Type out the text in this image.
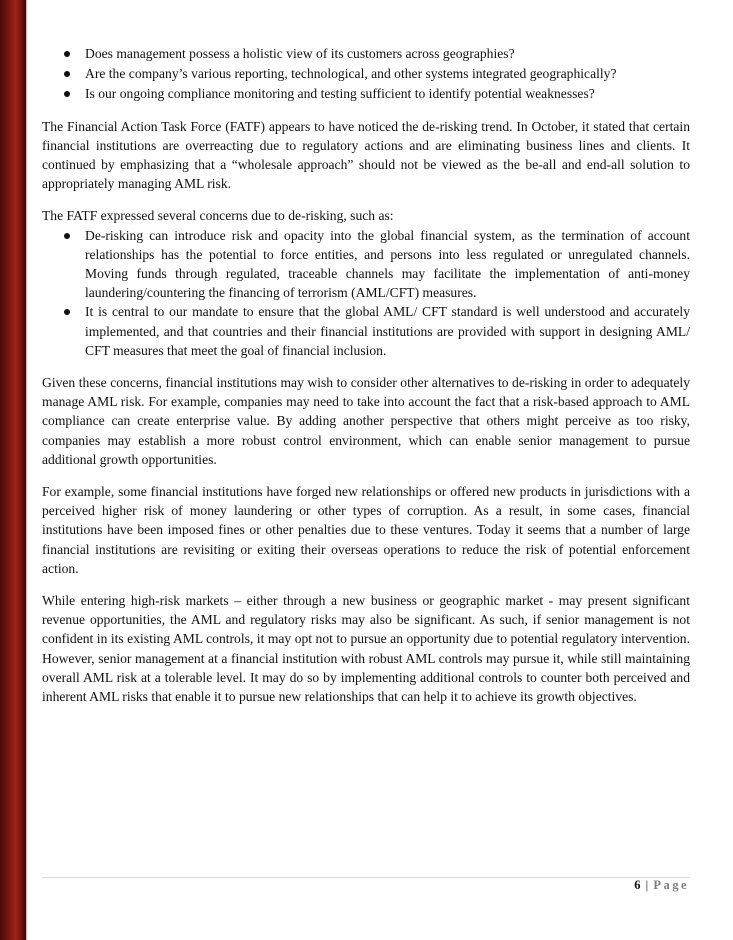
Does management possess a holistic view of its customers across geographies?
Are the company’s various reporting, technological, and other systems integrated geographically?
Is our ongoing compliance monitoring and testing sufficient to identify potential weaknesses?

The Financial Action Task Force (FATF) appears to have noticed the de-risking trend. In October, it stated that certain financial institutions are overreacting due to regulatory actions and are eliminating business lines and clients. It continued by emphasizing that a “wholesale approach” should not be viewed as the be-all and end-all solution to appropriately managing AML risk.

The FATF expressed several concerns due to de-risking, such as:

De-risking can introduce risk and opacity into the global financial system, as the termination of account relationships has the potential to force entities, and persons into less regulated or unregulated channels. Moving funds through regulated, traceable channels may facilitate the implementation of anti-money laundering/countering the financing of terrorism (AML/CFT) measures.
It is central to our mandate to ensure that the global AML/ CFT standard is well understood and accurately implemented, and that countries and their financial institutions are provided with support in designing AML/ CFT measures that meet the goal of financial inclusion.

Given these concerns, financial institutions may wish to consider other alternatives to de-risking in order to adequately manage AML risk. For example, companies may need to take into account the fact that a risk-based approach to AML compliance can create enterprise value. By adding another perspective that others might perceive as too risky, companies may establish a more robust control environment, which can enable senior management to pursue additional growth opportunities.

For example, some financial institutions have forged new relationships or offered new products in jurisdictions with a perceived higher risk of money laundering or other types of corruption. As a result, in some cases, financial institutions have been imposed fines or other penalties due to these ventures. Today it seems that a number of large financial institutions are revisiting or exiting their overseas operations to reduce the risk of potential enforcement action.

While entering high-risk markets – either through a new business or geographic market - may present significant revenue opportunities, the AML and regulatory risks may also be significant. As such, if senior management is not confident in its existing AML controls, it may opt not to pursue an opportunity due to potential regulatory intervention. However, senior management at a financial institution with robust AML controls may pursue it, while still maintaining overall AML risk at a tolerable level. It may do so by implementing additional controls to counter both perceived and inherent AML risks that enable it to pursue new relationships that can help it to achieve its growth objectives.

6 | Page
